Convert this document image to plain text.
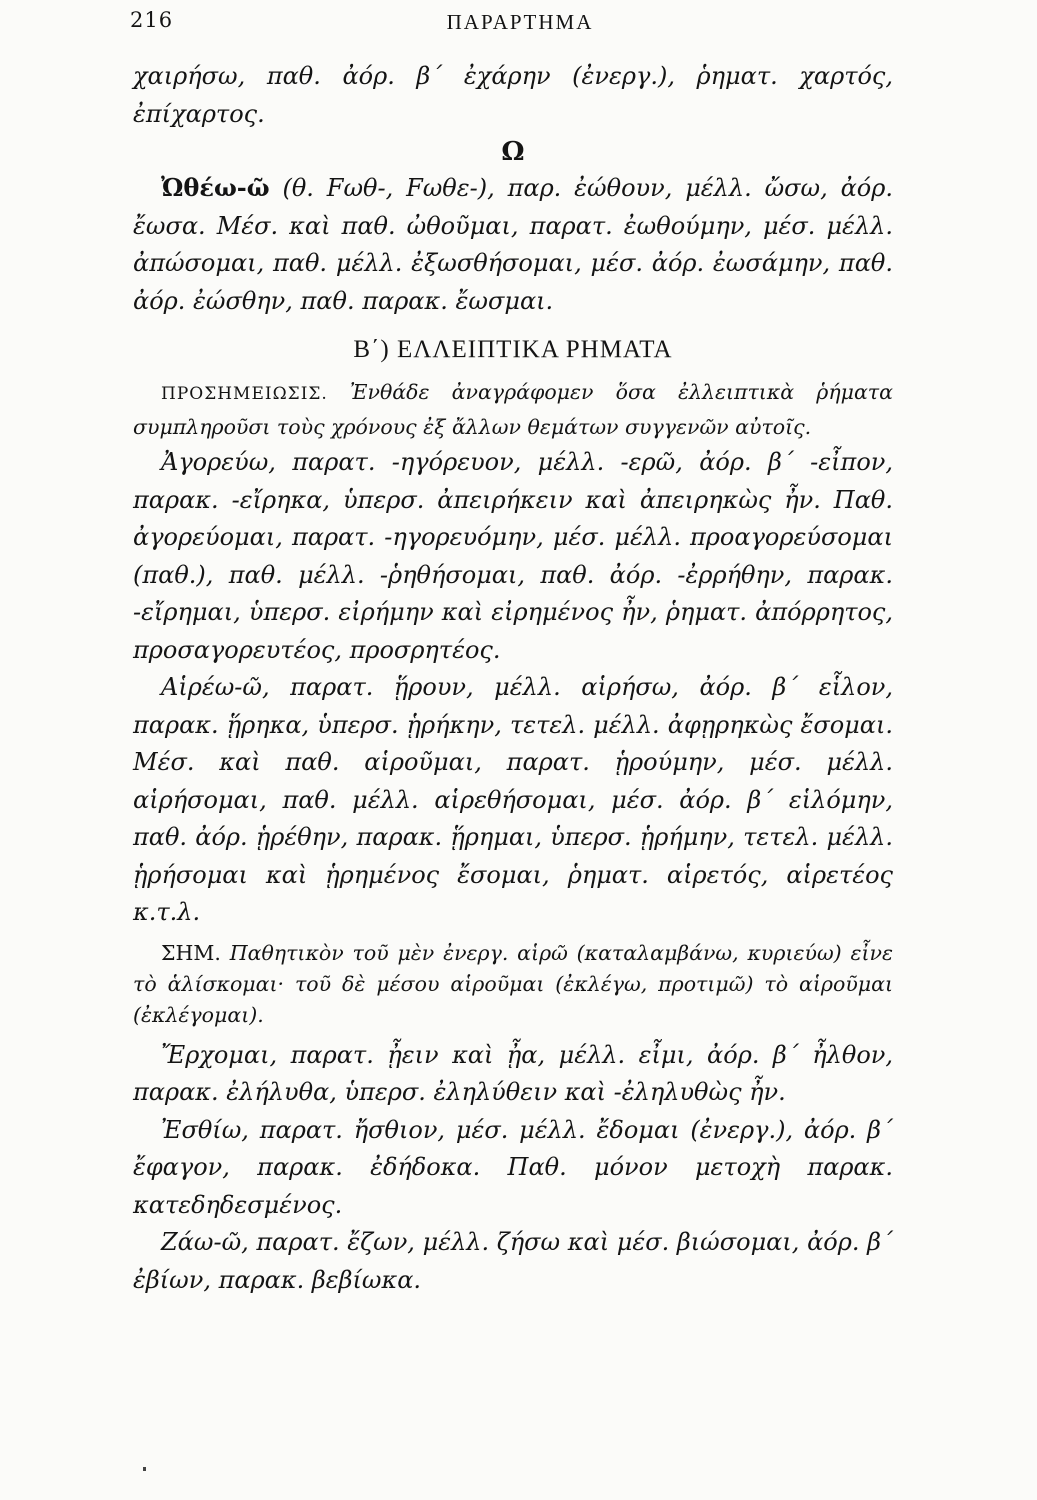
216	ΠΑΡΑΡΤΗΜΑ

χαιρήσω, παθ. ἀόρ. β΄ ἐχάρην (ἐνεργ.), ῥηματ. χαρτός, ἐπίχαρτος.

Ω

Ὠθέω-ῶ (θ. Fωθ-, Fωθε-), παρ. ἐώθουν, μέλλ. ὤσω, ἀόρ. ἔωσα. Μέσ. καὶ παθ. ὠθοῦμαι, παρατ. ἐωθούμην, μέσ. μέλλ. ἀπώσομαι, παθ. μέλλ. ἐξωσθήσομαι, μέσ. ἀόρ. ἐωσάμην, παθ. ἀόρ. ἐώσθην, παθ. παρακ. ἔωσμαι.

Β΄) ΕΛΛΕΙΠΤΙΚΑ ΡΗΜΑΤΑ

ΠΡΟΣΗΜΕΙΩΣΙΣ. Ἐνθάδε ἀναγράφομεν ὅσα ἐλλειπτικὰ ῥήματα συμπληροῦσι τοὺς χρόνους ἐξ ἄλλων θεμάτων συγγενῶν αὐτοῖς.

Ἀγορεύω, παρατ. -ηγόρευον, μέλλ. -ερῶ, ἀόρ. β΄ -εἶπον, παρακ. -εἴρηκα, ὑπερσ. ἀπειρήκειν καὶ ἀπειρηκὼς ἦν. Παθ. ἀγορεύομαι, παρατ. -ηγορευόμην, μέσ. μέλλ. προαγορεύσομαι (παθ.), παθ. μέλλ. -ῥηθήσομαι, παθ. ἀόρ. -ἐρρήθην, παρακ. -εἴρημαι, ὑπερσ. εἰρήμην καὶ εἰρημένος ἦν, ῥηματ. ἀπόρρητος, προσαγορευτέος, προσρητέος.

Αἱρέω-ῶ, παρατ. ᾕρουν, μέλλ. αἱρήσω, ἀόρ. β΄ εἷλον, παρακ. ᾕρηκα, ὑπερσ. ᾑρήκην, τετελ. μέλλ. ἀφῃρηκὼς ἔσομαι. Μέσ. καὶ παθ. αἱροῦμαι, παρατ. ᾑρούμην, μέσ. μέλλ. αἱρήσομαι, παθ. μέλλ. αἱρεθήσομαι, μέσ. ἀόρ. β΄ εἱλόμην, παθ. ἀόρ. ᾑρέθην, παρακ. ᾕρημαι, ὑπερσ. ᾑρήμην, τετελ. μέλλ. ᾑρήσομαι καὶ ᾑρημένος ἔσομαι, ῥηματ. αἱρετός, αἱρετέος κ.τ.λ.

ΣΗΜ. Παθητικὸν τοῦ μὲν ἐνεργ. αἱρῶ (καταλαμβάνω, κυριεύω) εἶνε τὸ ἁλίσκομαι· τοῦ δὲ μέσου αἱροῦμαι (ἐκλέγω, προτιμῶ) τὸ αἱροῦμαι (ἐκλέγομαι).

Ἔρχομαι, παρατ. ᾖειν καὶ ᾖα, μέλλ. εἶμι, ἀόρ. β΄ ἦλθον, παρακ. ἐλήλυθα, ὑπερσ. ἐληλύθειν καὶ -ἐληλυθὼς ἦν.

Ἐσθίω, παρατ. ἤσθιον, μέσ. μέλλ. ἔδομαι (ἐνεργ.), ἀόρ. β΄ ἔφαγον, παρακ. ἐδήδοκα. Παθ. μόνον μετοχὴ παρακ. κατεδηδεσμένος.

Ζάω-ῶ, παρατ. ἔζων, μέλλ. ζήσω καὶ μέσ. βιώσομαι, ἀόρ. β΄ ἐβίων, παρακ. βεβίωκα.
